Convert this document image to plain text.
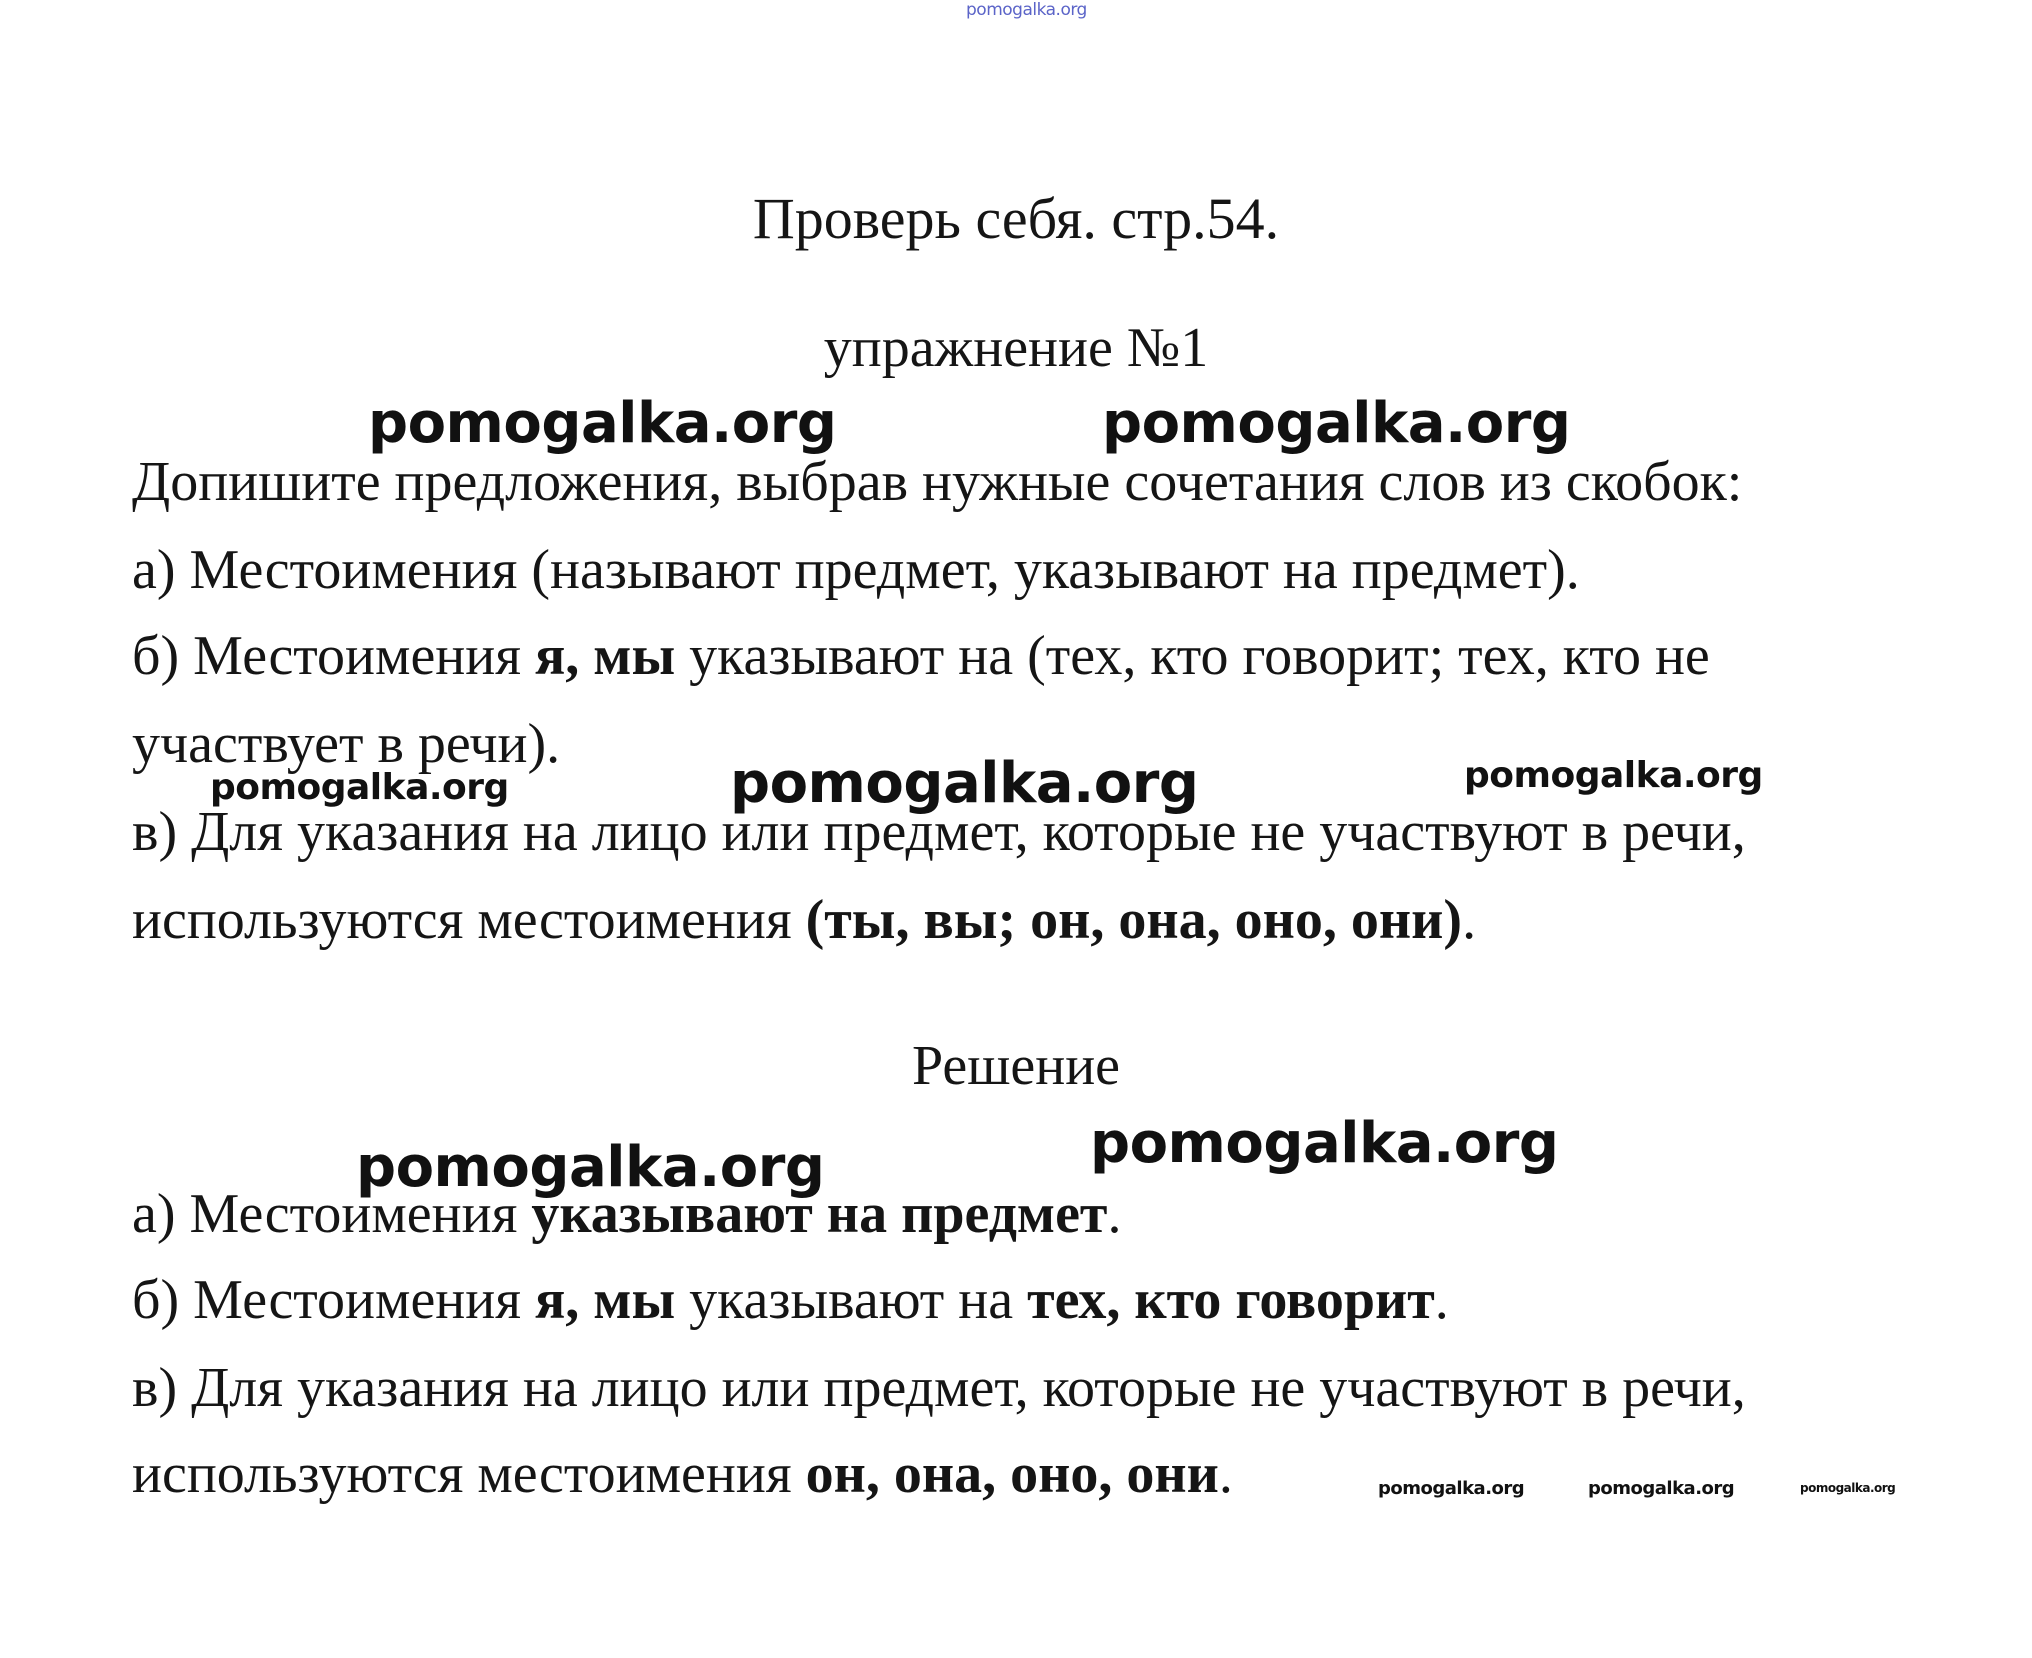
pomogalka.org
Проверь себя. стр.54.
упражнение №1
pomogalka.org	pomogalka.org
Допишите предложения, выбрав нужные сочетания слов из скобок:
а) Местоимения (называют предмет, указывают на предмет).
б) Местоимения я, мы указывают на (тех, кто говорит; тех, кто не
участвует в речи).
pomogalka.org	pomogalka.org	pomogalka.org
в) Для указания на лицо или предмет, которые не участвуют в речи,
используются местоимения (ты, вы; он, она, оно, они).
Решение
pomogalka.org
pomogalka.org
а) Местоимения указывают на предмет.
б) Местоимения я, мы указывают на тех, кто говорит.
в) Для указания на лицо или предмет, которые не участвуют в речи,
используются местоимения он, она, оно, они.	pomogalka.org	pomogalka.org	pomogalka.org
